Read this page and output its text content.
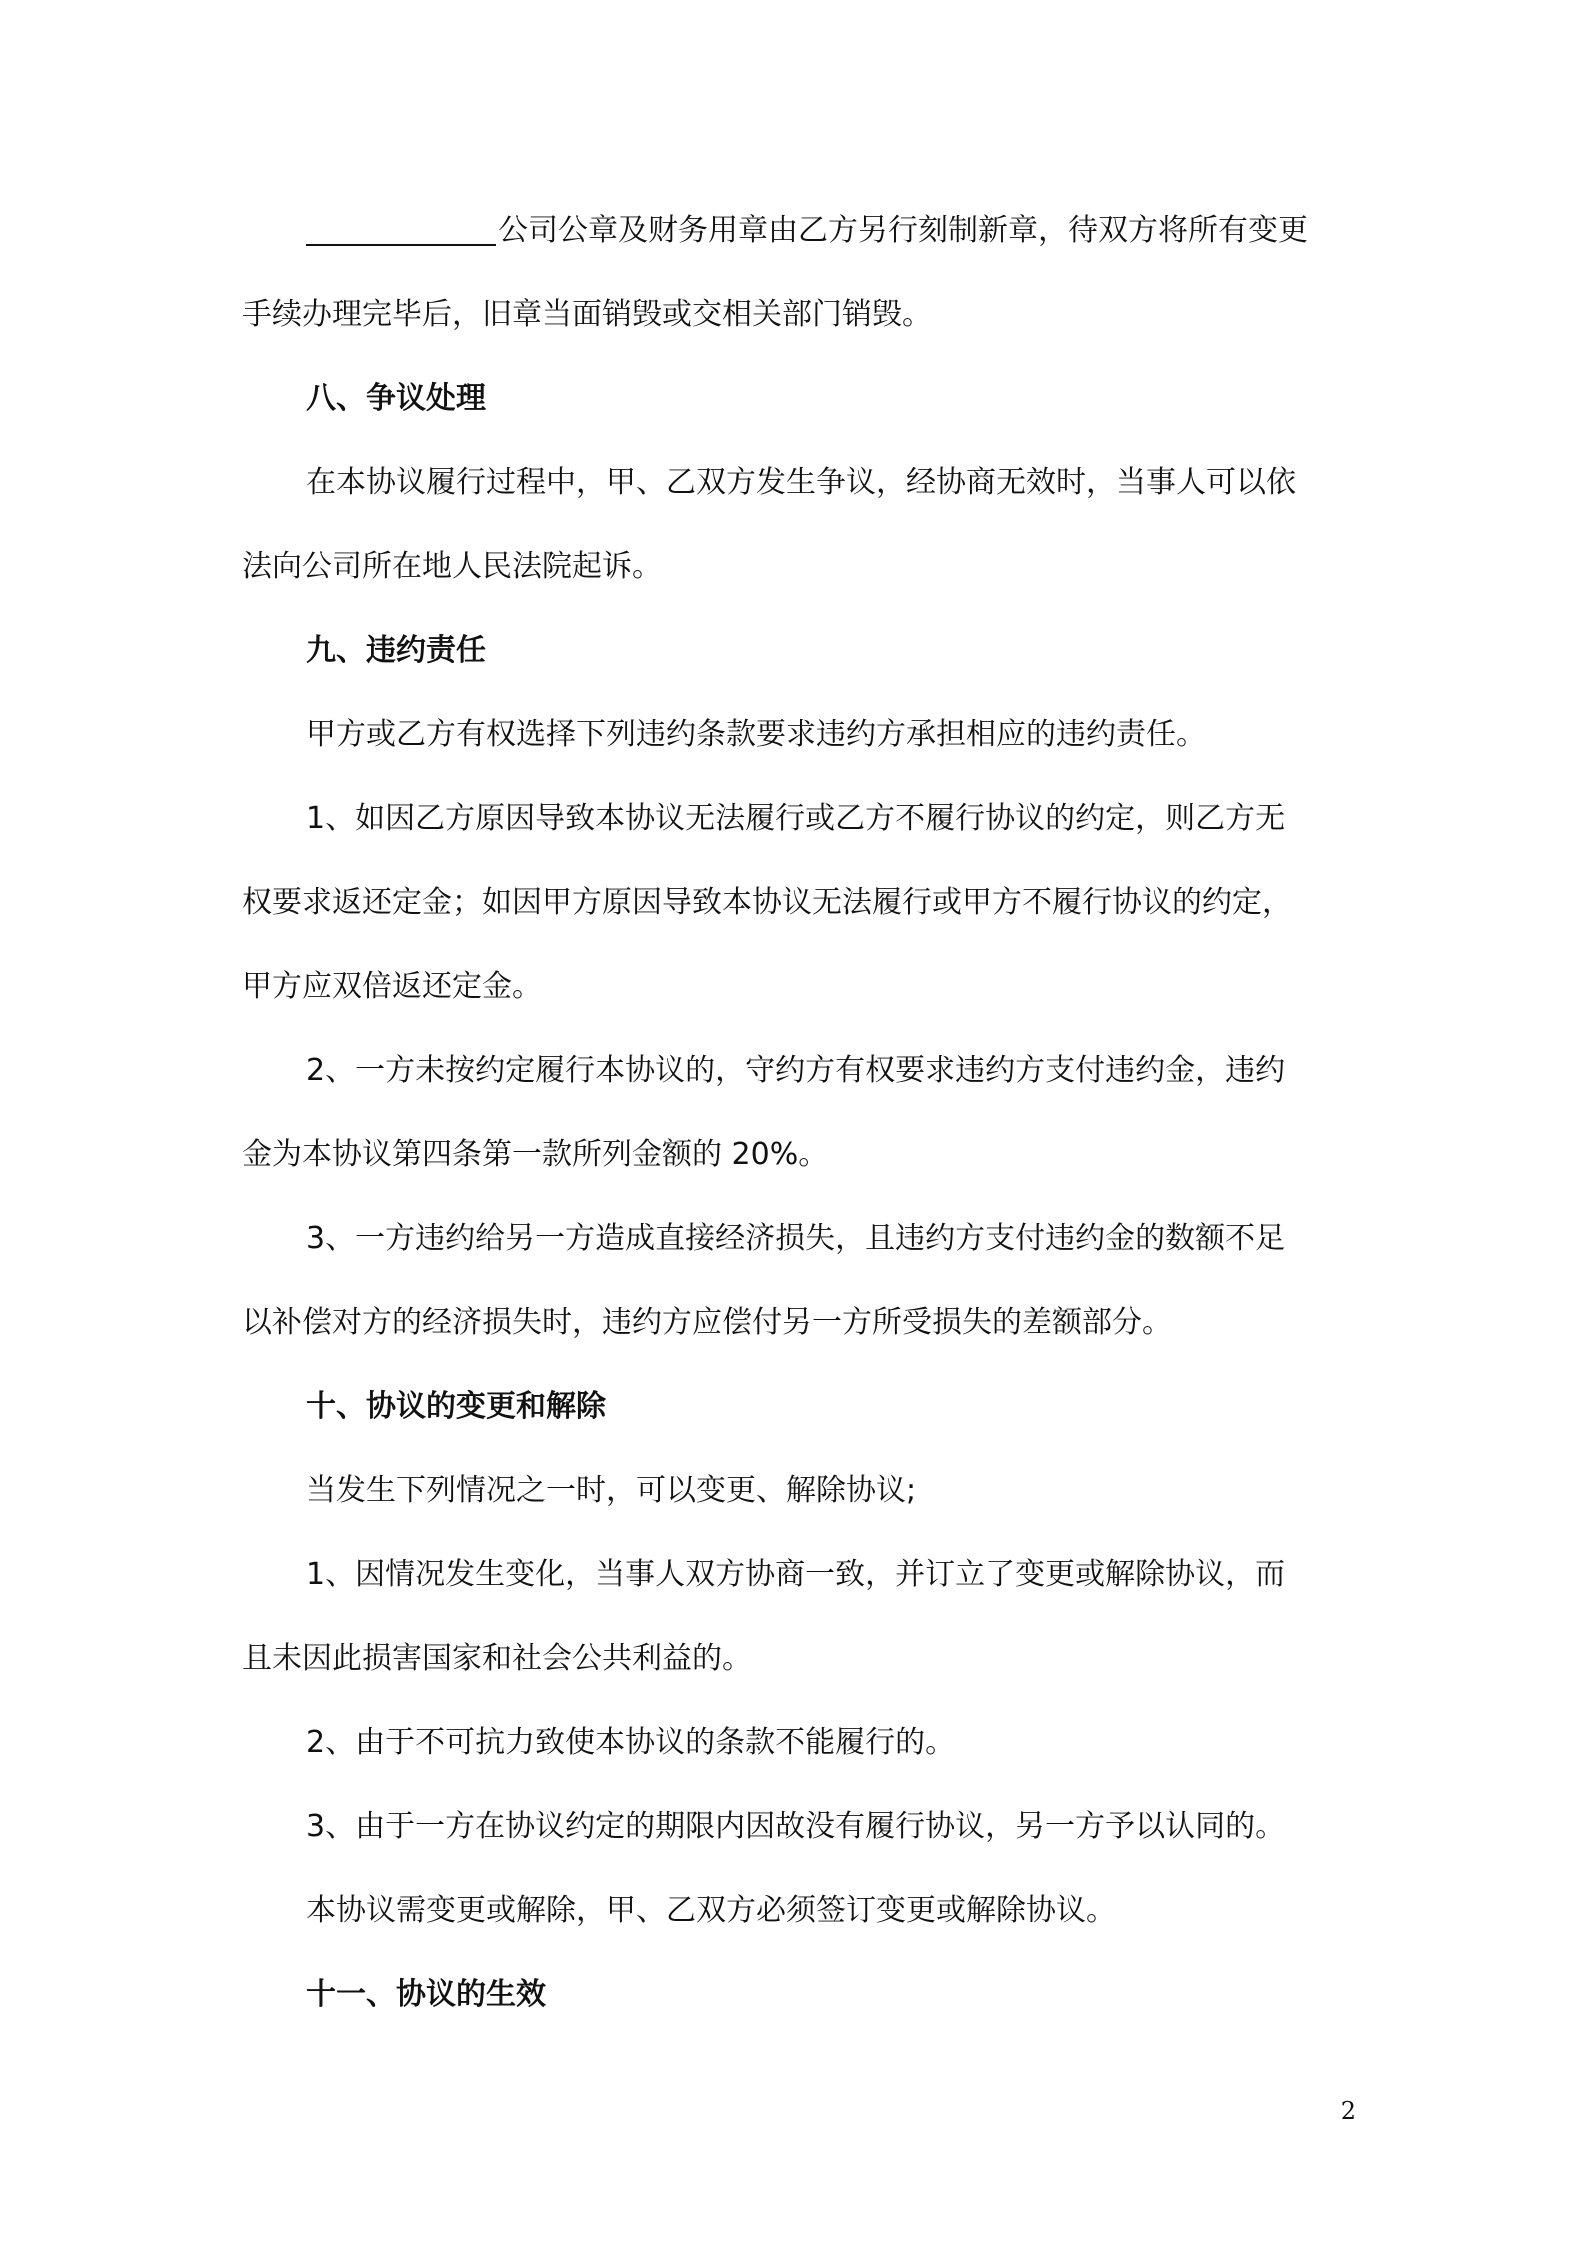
公司公章及财务用章由乙方另行刻制新章，待双方将所有变更
手续办理完毕后，旧章当面销毁或交相关部门销毁。
八、争议处理
在本协议履行过程中，甲、乙双方发生争议，经协商无效时，当事人可以依
法向公司所在地人民法院起诉。
九、违约责任
甲方或乙方有权选择下列违约条款要求违约方承担相应的违约责任。
1、如因乙方原因导致本协议无法履行或乙方不履行协议的约定，则乙方无
权要求返还定金；如因甲方原因导致本协议无法履行或甲方不履行协议的约定，
甲方应双倍返还定金。
2、一方未按约定履行本协议的，守约方有权要求违约方支付违约金，违约
金为本协议第四条第一款所列金额的 20%。
3、一方违约给另一方造成直接经济损失，且违约方支付违约金的数额不足
以补偿对方的经济损失时，违约方应偿付另一方所受损失的差额部分。
十、协议的变更和解除
当发生下列情况之一时，可以变更、解除协议;
1、因情况发生变化，当事人双方协商一致，并订立了变更或解除协议，而
且未因此损害国家和社会公共利益的。
2、由于不可抗力致使本协议的条款不能履行的。
3、由于一方在协议约定的期限内因故没有履行协议，另一方予以认同的。
本协议需变更或解除，甲、乙双方必须签订变更或解除协议。
十一、协议的生效
2
